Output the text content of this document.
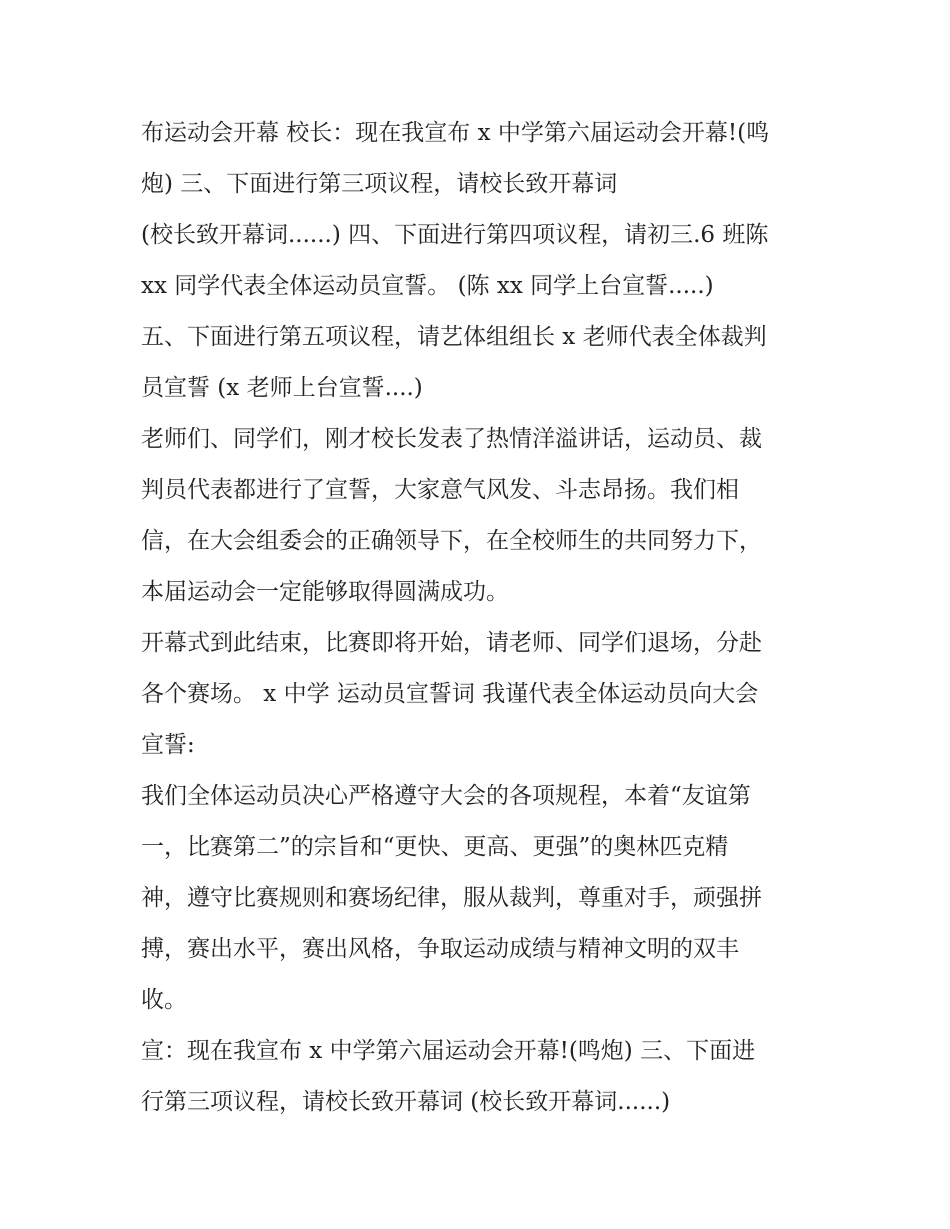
布运动会开幕 校长：现在我宣布 x 中学第六届运动会开幕!(鸣
炮) 三、下面进行第三项议程，请校长致开幕词
(校长致开幕词......) 四、下面进行第四项议程，请初三.6 班陈
xx 同学代表全体运动员宣誓。 (陈 xx 同学上台宣誓.....)
五、下面进行第五项议程，请艺体组组长 x 老师代表全体裁判
员宣誓 (x 老师上台宣誓....)
老师们、同学们，刚才校长发表了热情洋溢讲话，运动员、裁
判员代表都进行了宣誓，大家意气风发、斗志昂扬。我们相
信，在大会组委会的正确领导下，在全校师生的共同努力下，
本届运动会一定能够取得圆满成功。
开幕式到此结束，比赛即将开始，请老师、同学们退场，分赴
各个赛场。 x 中学 运动员宣誓词 我谨代表全体运动员向大会
宣誓:
我们全体运动员决心严格遵守大会的各项规程，本着“友谊第
一，比赛第二”的宗旨和“更快、更高、更强”的奥林匹克精
神，遵守比赛规则和赛场纪律，服从裁判，尊重对手，顽强拼
搏，赛出水平，赛出风格，争取运动成绩与精神文明的双丰
收。
宣：现在我宣布 x 中学第六届运动会开幕!(鸣炮) 三、下面进
行第三项议程，请校长致开幕词 (校长致开幕词......)
